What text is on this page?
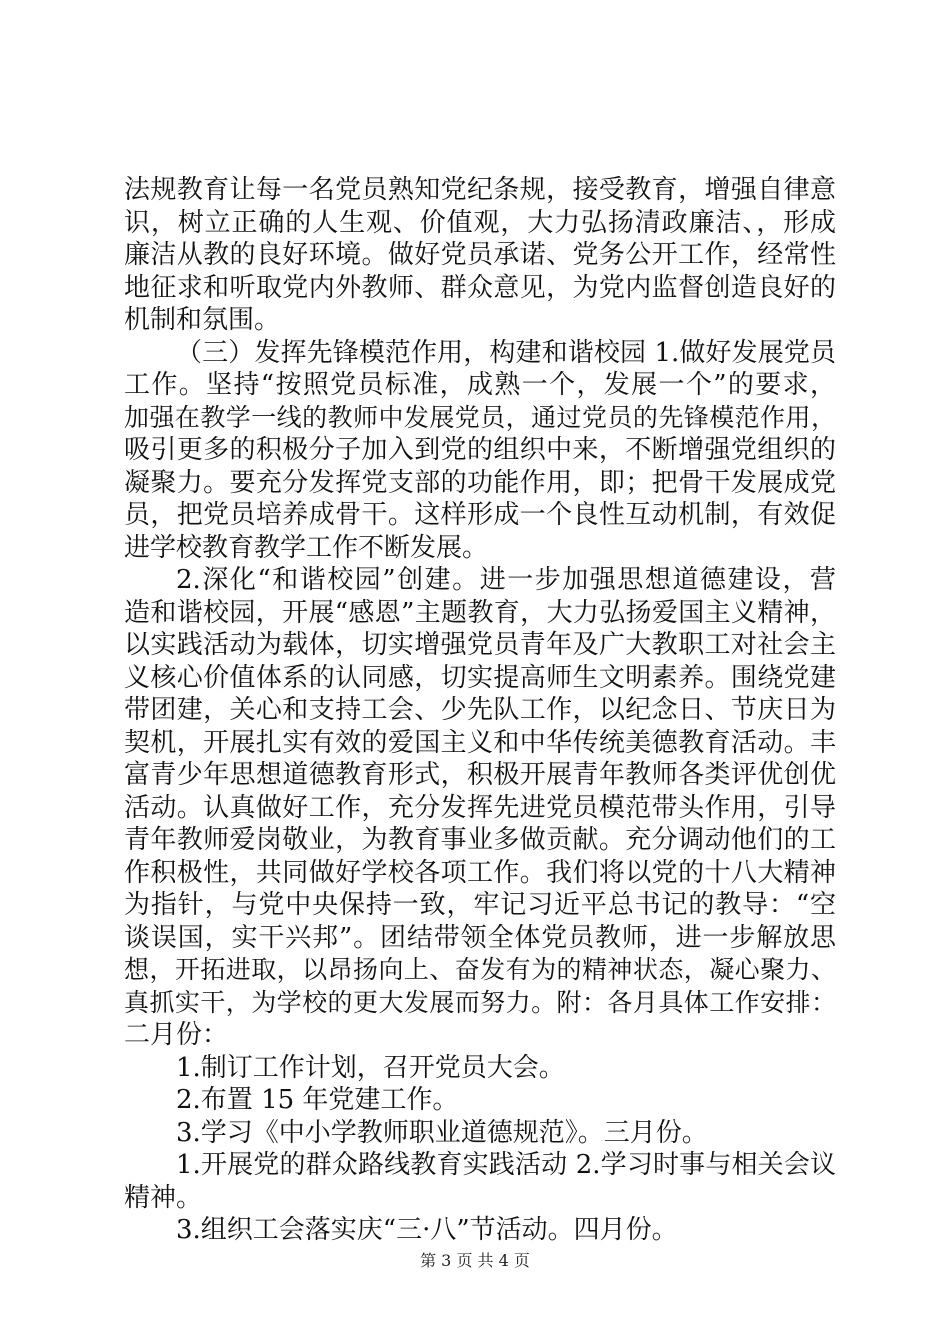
法规教育让每一名党员熟知党纪条规，接受教育，增强自律意
识，树立正确的人生观、价值观，大力弘扬清政廉洁、，形成
廉洁从教的良好环境。做好党员承诺、党务公开工作，经常性
地征求和听取党内外教师、群众意见，为党内监督创造良好的
机制和氛围。
（三）发挥先锋模范作用，构建和谐校园 1.做好发展党员
工作。坚持“按照党员标准，成熟一个，发展一个”的要求，
加强在教学一线的教师中发展党员，通过党员的先锋模范作用，
吸引更多的积极分子加入到党的组织中来，不断增强党组织的
凝聚力。要充分发挥党支部的功能作用，即；把骨干发展成党
员，把党员培养成骨干。这样形成一个良性互动机制，有效促
进学校教育教学工作不断发展。
2.深化“和谐校园”创建。进一步加强思想道德建设，营
造和谐校园，开展“感恩”主题教育，大力弘扬爱国主义精神，
以实践活动为载体，切实增强党员青年及广大教职工对社会主
义核心价值体系的认同感，切实提高师生文明素养。围绕党建
带团建，关心和支持工会、少先队工作，以纪念日、节庆日为
契机，开展扎实有效的爱国主义和中华传统美德教育活动。丰
富青少年思想道德教育形式，积极开展青年教师各类评优创优
活动。认真做好工作，充分发挥先进党员模范带头作用，引导
青年教师爱岗敬业，为教育事业多做贡献。充分调动他们的工
作积极性，共同做好学校各项工作。我们将以党的十八大精神
为指针，与党中央保持一致，牢记习近平总书记的教导：“空
谈误国，实干兴邦”。团结带领全体党员教师，进一步解放思
想，开拓进取，以昂扬向上、奋发有为的精神状态，凝心聚力、
真抓实干，为学校的更大发展而努力。附：各月具体工作安排：
二月份：
1.制订工作计划，召开党员大会。
2.布置 15 年党建工作。
3.学习《中小学教师职业道德规范》。三月份。
1.开展党的群众路线教育实践活动 2.学习时事与相关会议
精神。
3.组织工会落实庆“三·八”节活动。四月份。
第 3 页 共 4 页
